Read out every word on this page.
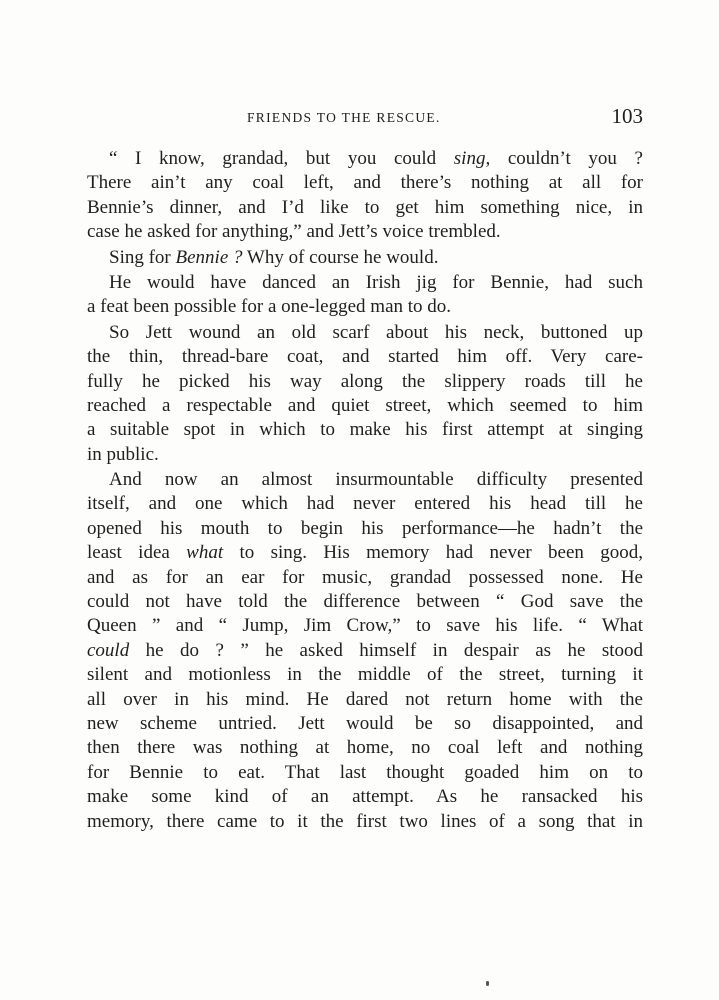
FRIENDS TO THE RESCUE.	103
“ I know, grandad, but you could sing, couldn’t you ?
There ain’t any coal left, and there’s nothing at all for
Bennie’s dinner, and I’d like to get him something nice, in
case he asked for anything,” and Jett’s voice trembled.
Sing for Bennie ? Why of course he would.
He would have danced an Irish jig for Bennie, had such
a feat been possible for a one-legged man to do.
So Jett wound an old scarf about his neck, buttoned up
the thin, thread-bare coat, and started him off. Very care-
fully he picked his way along the slippery roads till he
reached a respectable and quiet street, which seemed to him
a suitable spot in which to make his first attempt at singing
in public.
And now an almost insurmountable difficulty presented
itself, and one which had never entered his head till he
opened his mouth to begin his performance—he hadn’t the
least idea what to sing. His memory had never been good,
and as for an ear for music, grandad possessed none. He
could not have told the difference between “ God save the
Queen ” and “ Jump, Jim Crow,” to save his life. “ What
could he do ? ” he asked himself in despair as he stood
silent and motionless in the middle of the street, turning it
all over in his mind. He dared not return home with the
new scheme untried. Jett would be so disappointed, and
then there was nothing at home, no coal left and nothing
for Bennie to eat. That last thought goaded him on to
make some kind of an attempt. As he ransacked his
memory, there came to it the first two lines of a song that in
